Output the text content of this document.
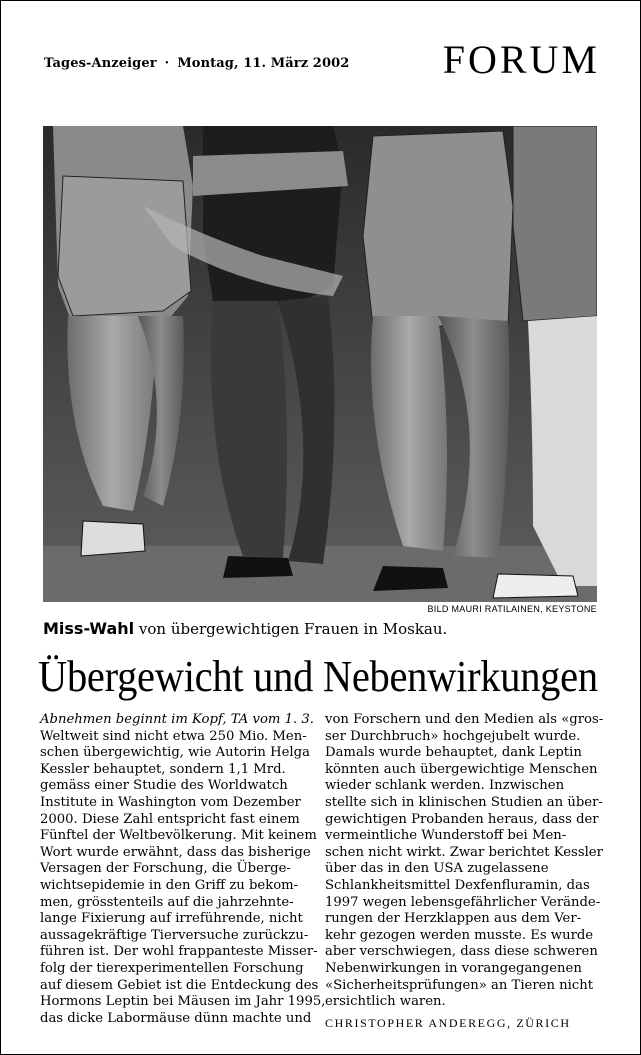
Tages-Anzeiger · Montag, 11. März 2002 FORUM
BILD MAURI RATILAINEN, KEYSTONE
Miss-Wahl von übergewichtigen Frauen in Moskau.
Übergewicht und Nebenwirkungen
Abnehmen beginnt im Kopf, TA vom 1. 3.
Weltweit sind nicht etwa 250 Mio. Men-
schen übergewichtig, wie Autorin Helga
Kessler behauptet, sondern 1,1 Mrd.
gemäss einer Studie des Worldwatch
Institute in Washington vom Dezember
2000. Diese Zahl entspricht fast einem
Fünftel der Weltbevölkerung. Mit keinem
Wort wurde erwähnt, dass das bisherige
Versagen der Forschung, die Überge-
wichtsepidemie in den Griff zu bekom-
men, grösstenteils auf die jahrzehnte-
lange Fixierung auf irreführende, nicht
aussagekräftige Tierversuche zurückzu-
führen ist. Der wohl frappanteste Misser-
folg der tierexperimentellen Forschung
auf diesem Gebiet ist die Entdeckung des
Hormons Leptin bei Mäusen im Jahr 1995,
das dicke Labormäuse dünn machte und
von Forschern und den Medien als «gros-
ser Durchbruch» hochgejubelt wurde.
Damals wurde behauptet, dank Leptin
könnten auch übergewichtige Menschen
wieder schlank werden. Inzwischen
stellte sich in klinischen Studien an über-
gewichtigen Probanden heraus, dass der
vermeintliche Wunderstoff bei Men-
schen nicht wirkt. Zwar berichtet Kessler
über das in den USA zugelassene
Schlankheitsmittel Dexfenfluramin, das
1997 wegen lebensgefährlicher Verände-
rungen der Herzklappen aus dem Ver-
kehr gezogen werden musste. Es wurde
aber verschwiegen, dass diese schweren
Nebenwirkungen in vorangegangenen
«Sicherheitsprüfungen» an Tieren nicht
ersichtlich waren.
CHRISTOPHER ANDEREGG, ZÜRICH
